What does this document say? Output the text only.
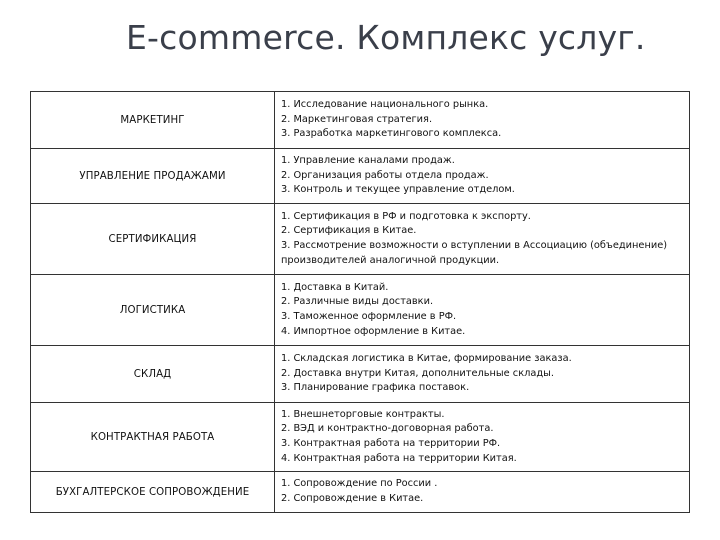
E-commerce. Комплекс услуг.
МАРКЕТИНГ	1. Исследование национального рынка.
2. Маркетинговая стратегия.
3. Разработка маркетингового комплекса.

УПРАВЛЕНИЕ ПРОДАЖАМИ	1. Управление каналами продаж.
2. Организация работы отдела продаж.
3. Контроль и текущее управление отделом.

СЕРТИФИКАЦИЯ	1. Сертификация в РФ и подготовка к экспорту.
2. Сертификация в Китае.
3. Рассмотрение возможности о вступлении в Ассоциацию (объединение) производителей аналогичной продукции.

ЛОГИСТИКА	1. Доставка в Китай.
2. Различные виды доставки.
3. Таможенное оформление в РФ.
4. Импортное оформление в Китае.

СКЛАД	1. Складская логистика в Китае, формирование заказа.
2. Доставка внутри Китая, дополнительные склады.
3. Планирование графика поставок.

КОНТРАКТНАЯ РАБОТА	1. Внешнеторговые контракты.
2. ВЭД и контрактно-договорная работа.
3. Контрактная работа на территории РФ.
4. Контрактная работа на территории Китая.

БУХГАЛТЕРСКОЕ СОПРОВОЖДЕНИЕ	1. Сопровождение по России .
2. Сопровождение в Китае.
